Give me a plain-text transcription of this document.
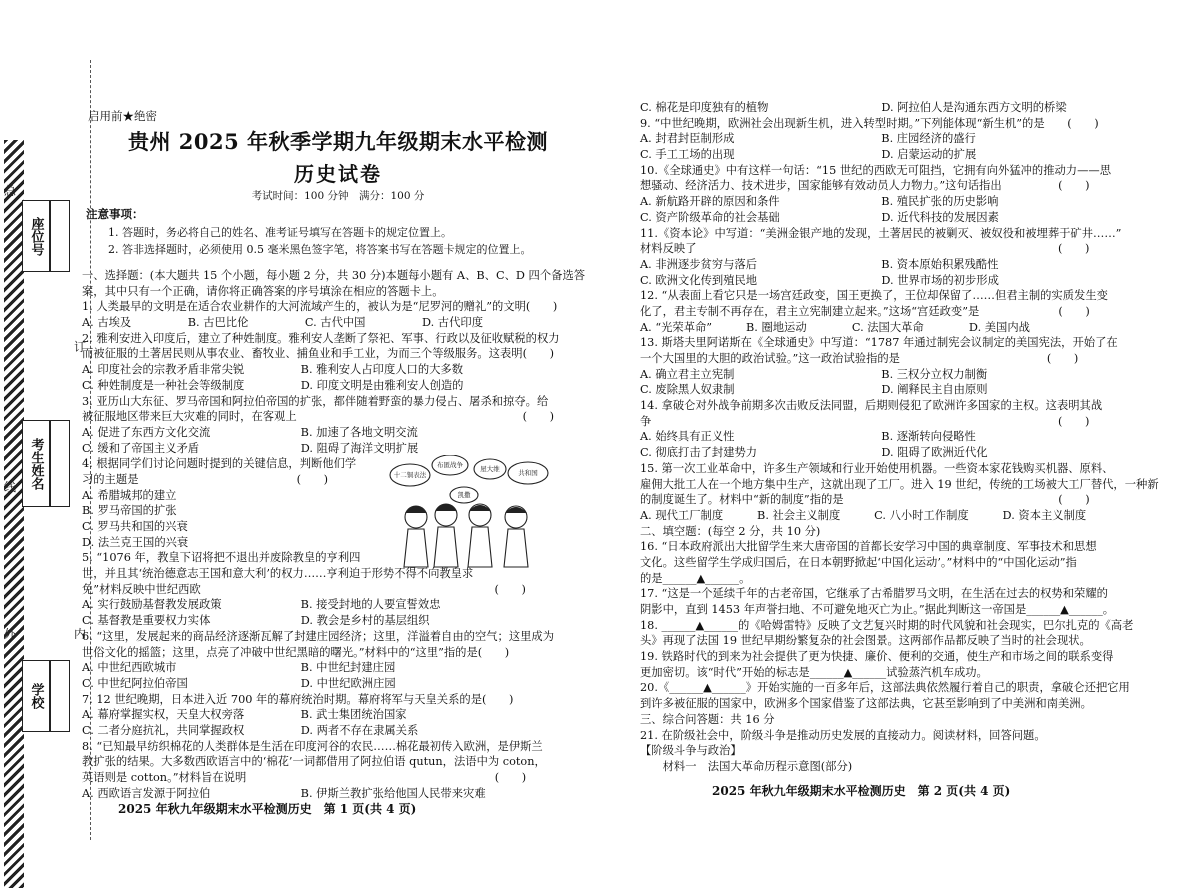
座位号
考生姓名
学校
总
订
线
外	内
启用前★绝密
贵州 2025 年秋季学期九年级期末水平检测
历史试卷
考试时间：100 分钟　满分：100 分
注意事项：
1. 答题时，务必将自己的姓名、准考证号填写在答题卡的规定位置上。
2. 答非选择题时，必须使用 0.5 毫米黑色签字笔，将答案书写在答题卡规定的位置上。

一、选择题：(本大题共 15 个小题，每小题 2 分，共 30 分)本题每小题有 A、B、C、D 四个备选答

案，其中只有一个正确，请你将正确答案的序号填涂在相应的答题卡上。

1. 人类最早的文明是在适合农业耕作的大河流域产生的，被认为是“尼罗河的赠礼”的文明(　　)

A. 古埃及　　　　　B. 古巴比伦　　　　　C. 古代中国　　　　　D. 古代印度

2. 雅利安进入印度后，建立了种姓制度。雅利安人垄断了祭祀、军事、行政以及征收赋税的权力

而被征服的土著居民则从事农业、畜牧业、捕鱼业和手工业，为而三个等级服务。这表明(　　)

A. 印度社会的宗教矛盾非常尖锐　　　　　B. 雅利安人占印度人口的大多数

C. 种姓制度是一种社会等级制度　　　　　D. 印度文明是由雅利安人创造的

3. 亚历山大东征、罗马帝国和阿拉伯帝国的扩张，都伴随着野蛮的暴力侵占、屠杀和掠夺。给

被征服地区带来巨大灾难的同时，在客观上　　　　　　　　　　　　　　　　　　　　(　　)

A. 促进了东西方文化交流　　　　　　　　B. 加速了各地文明交流

C. 缓和了帝国主义矛盾　　　　　　　　　D. 阻碍了海洋文明扩展

4. 根据同学们讨论问题时提到的关键信息，判断他们学

习的主题是　　　　　　　　　　　　　　(　　)

A. 希腊城邦的建立

B. 罗马帝国的扩张

C. 罗马共和国的兴衰

D. 法兰克王国的兴衰

5. “1076 年，教皇下诏将把不退出并废除教皇的亨利四

世，并且其‘统治德意志王国和意大利’的权力……亨利迫于形势不得不向教皇求

免”材料反映中世纪西欧　　　　　　　　　　　　　　　　　　　　　　　　　　(　　)

A. 实行鼓励基督教发展政策　　　　　　　B. 接受封地的人要宣誓效忠

C. 基督教是重要权力实体　　　　　　　　D. 教会是乡村的基层组织

6. “这里，发展起来的商品经济逐渐瓦解了封建庄园经济；这里，洋溢着自由的空气；这里成为

世俗文化的摇篮；这里，点亮了冲破中世纪黑暗的曙光。”材料中的“这里”指的是(　　)

A. 中世纪西欧城市　　　　　　　　　　　B. 中世纪封建庄园

C. 中世纪阿拉伯帝国　　　　　　　　　　D. 中世纪欧洲庄园

7. 12 世纪晚期，日本进入近 700 年的幕府统治时期。幕府将军与天皇关系的是(　　)

A. 幕府掌握实权，天皇大权旁落　　　　　B. 武士集团统治国家

C. 二者分庭抗礼，共同掌握政权　　　　　D. 两者不存在隶属关系

8. “已知最早纺织棉花的人类群体是生活在印度河谷的农民……棉花最初传入欧洲，是伊斯兰

教扩张的结果。大多数西欧语言中的‘棉花’一词都借用了阿拉伯语 qutun，法语中为 coton，

英语则是 cotton。”材料旨在说明　　　　　　　　　　　　　　　　　　　　　　(　　)

A. 西欧语言发源于阿拉伯　　　　　　　　B. 伊斯兰教扩张给他国人民带来灾难

十二铜表法
布匿战争	屋大维	共和国
凯撒

C. 棉花是印度独有的植物　　　　　　　　　　D. 阿拉伯人是沟通东西方文明的桥梁

9. “中世纪晚期，欧洲社会出现新生机，进入转型时期。”下列能体现“新生机”的是　　(　　)

A. 封君封臣制形成　　　　　　　　　　　　　B. 庄园经济的盛行

C. 手工工场的出现　　　　　　　　　　　　　D. 启蒙运动的扩展

10.《全球通史》中有这样一句话：“15 世纪的西欧无可阻挡，它拥有向外猛冲的推动力——思

想骚动、经济活力、技术进步，国家能够有效动员人力物力。”这句话指出　　　　　(　　)

A. 新航路开辟的原因和条件　　　　　　　　　B. 殖民扩张的历史影响

C. 资产阶级革命的社会基础　　　　　　　　　D. 近代科技的发展因素

11.《资本论》中写道：“美洲金银产地的发现，土著居民的被剿灭、被奴役和被埋葬于矿井……”

材料反映了　　　　　　　　　　　　　　　　　　　　　　　　　　　　　　　　(　　)

A. 非洲逐步贫穷与落后　　　　　　　　　　　B. 资本原始积累残酷性

C. 欧洲文化传到殖民地　　　　　　　　　　　D. 世界市场的初步形成

12. “从表面上看它只是一场宫廷政变，国王更换了，王位却保留了……但君主制的实质发生变

化了，君主专制不再存在，君主立宪制建立起来。”这场“宫廷政变”是　　　　　　　(　　)

A. “光荣革命”　　　B. 圈地运动　　　　C. 法国大革命　　　　D. 美国内战

13. 斯塔夫里阿诺斯在《全球通史》中写道：“1787 年通过制宪会议制定的美国宪法，开始了在

一个大国里的大胆的政治试验。”这一政治试验指的是　　　　　　　　　　　　　(　　)

A. 确立君主立宪制　　　　　　　　　　　　　B. 三权分立权力制衡

C. 废除黑人奴隶制　　　　　　　　　　　　　D. 阐释民主自由原则

14. 拿破仑对外战争前期多次击败反法同盟，后期则侵犯了欧洲许多国家的主权。这表明其战

争　　　　　　　　　　　　　　　　　　　　　　　　　　　　　　　　　　　　(　　)

A. 始终具有正义性　　　　　　　　　　　　　B. 逐渐转向侵略性

C. 彻底打击了封建势力　　　　　　　　　　　D. 阻碍了欧洲近代化

15. 第一次工业革命中，许多生产领域和行业开始使用机器。一些资本家花钱购买机器、原料、

雇佣大批工人在一个地方集中生产，这就出现了工厂。进入 19 世纪，传统的工场被大工厂替代，一种新

的制度诞生了。材料中“新的制度”指的是　　　　　　　　　　　　　　　　　　　(　　)

A. 现代工厂制度　　　B. 社会主义制度　　　C. 八小时工作制度　　　D. 资本主义制度

二、填空题：(每空 2 分，共 10 分)

16. “日本政府派出大批留学生来大唐帝国的首都长安学习中国的典章制度、军事技术和思想

文化。这些留学生学成归国后，在日本朝野掀起‘中国化运动’。”材料中的“中国化运动”指

的是______▲______。

17. “这是一个延续千年的古老帝国，它继承了古希腊罗马文明，在生活在过去的权势和荣耀的

阴影中，直到 1453 年声誉扫地、不可避免地灭亡为止。”据此判断这一帝国是______▲______。

18. ______▲______的《哈姆雷特》反映了文艺复兴时期的时代风貌和社会现实，巴尔扎克的《高老

头》再现了法国 19 世纪早期纷繁复杂的社会图景。这两部作品都反映了当时的社会现状。

19. 铁路时代的到来为社会提供了更为快捷、廉价、便利的交通，使生产和市场之间的联系变得

更加密切。该“时代”开始的标志是______▲______试验蒸汽机车成功。

20.《______▲______》开始实施的一百多年后，这部法典依然履行着自己的职责，拿破仑还把它用

到许多被征服的国家中，欧洲多个国家借鉴了这部法典，它甚至影响到了中美洲和南美洲。

三、综合问答题：共 16 分

21. 在阶级社会中，阶级斗争是推动历史发展的直接动力。阅读材料，回答问题。

【阶级斗争与政治】

　　材料一　法国大革命历程示意图(部分)

2025 年秋九年级期末水平检测历史　第 1 页(共 4 页)
2025 年秋九年级期末水平检测历史　第 2 页(共 4 页)
